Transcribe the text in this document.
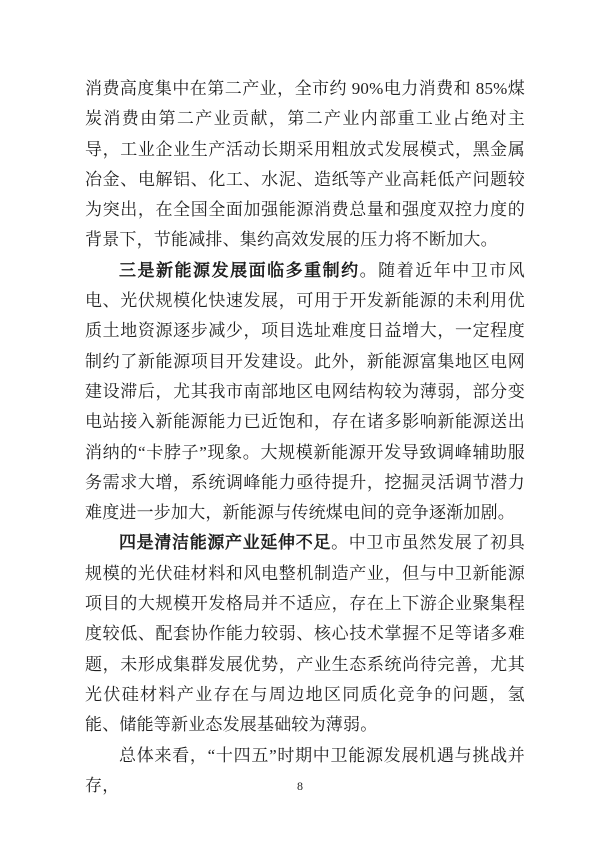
消费高度集中在第二产业，全市约 90%电力消费和 85%煤炭消费由第二产业贡献，第二产业内部重工业占绝对主导，工业企业生产活动长期采用粗放式发展模式，黑金属冶金、电解铝、化工、水泥、造纸等产业高耗低产问题较为突出，在全国全面加强能源消费总量和强度双控力度的背景下，节能减排、集约高效发展的压力将不断加大。

三是新能源发展面临多重制约。随着近年中卫市风电、光伏规模化快速发展，可用于开发新能源的未利用优质土地资源逐步减少，项目选址难度日益增大，一定程度制约了新能源项目开发建设。此外，新能源富集地区电网建设滞后，尤其我市南部地区电网结构较为薄弱，部分变电站接入新能源能力已近饱和，存在诸多影响新能源送出消纳的“卡脖子”现象。大规模新能源开发导致调峰辅助服务需求大增，系统调峰能力亟待提升，挖掘灵活调节潜力难度进一步加大，新能源与传统煤电间的竞争逐渐加剧。

四是清洁能源产业延伸不足。中卫市虽然发展了初具规模的光伏硅材料和风电整机制造产业，但与中卫新能源项目的大规模开发格局并不适应，存在上下游企业聚集程度较低、配套协作能力较弱、核心技术掌握不足等诸多难题，未形成集群发展优势，产业生态系统尚待完善，尤其光伏硅材料产业存在与周边地区同质化竞争的问题，氢能、储能等新业态发展基础较为薄弱。

总体来看，“十四五”时期中卫能源发展机遇与挑战并存，	8
